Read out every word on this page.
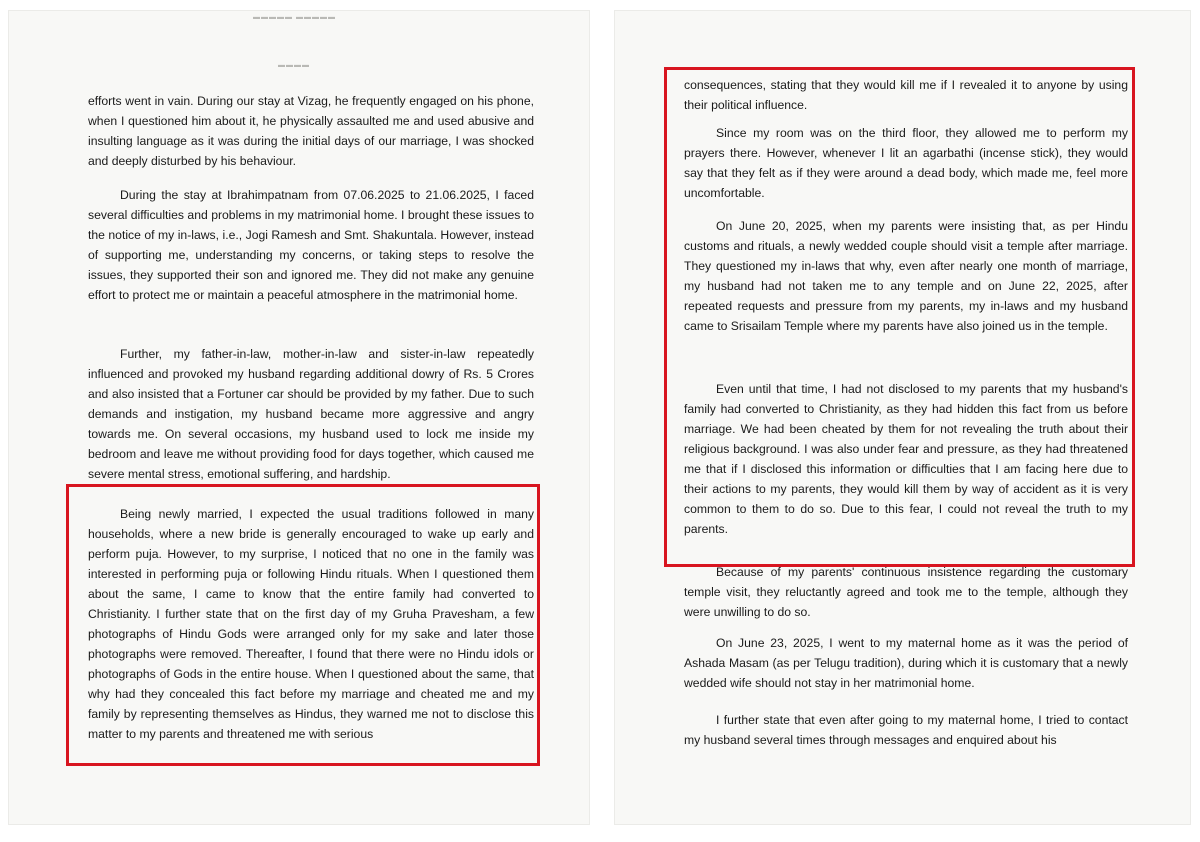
▬▬▬▬▬ ▬▬▬▬▬
▬▬▬▬

efforts went in vain. During our stay at Vizag, he frequently engaged on his phone, when I questioned him about it, he physically assaulted me and used abusive and insulting language as it was during the initial days of our marriage, I was shocked and deeply disturbed by his behaviour.

During the stay at Ibrahimpatnam from 07.06.2025 to 21.06.2025, I faced several difficulties and problems in my matrimonial home. I brought these issues to the notice of my in-laws, i.e., Jogi Ramesh and Smt. Shakuntala. However, instead of supporting me, understanding my concerns, or taking steps to resolve the issues, they supported their son and ignored me. They did not make any genuine effort to protect me or maintain a peaceful atmosphere in the matrimonial home.

Further, my father-in-law, mother-in-law and sister-in-law repeatedly influenced and provoked my husband regarding additional dowry of Rs. 5 Crores and also insisted that a Fortuner car should be provided by my father. Due to such demands and instigation, my husband became more aggressive and angry towards me. On several occasions, my husband used to lock me inside my bedroom and leave me without providing food for days together, which caused me severe mental stress, emotional suffering, and hardship.

Being newly married, I expected the usual traditions followed in many households, where a new bride is generally encouraged to wake up early and perform puja. However, to my surprise, I noticed that no one in the family was interested in performing puja or following Hindu rituals. When I questioned them about the same, I came to know that the entire family had converted to Christianity. I further state that on the first day of my Gruha Pravesham, a few photographs of Hindu Gods were arranged only for my sake and later those photographs were removed. Thereafter, I found that there were no Hindu idols or photographs of Gods in the entire house. When I questioned about the same, that why had they concealed this fact before my marriage and cheated me and my family by representing themselves as Hindus, they warned me not to disclose this matter to my parents and threatened me with serious

consequences, stating that they would kill me if I revealed it to anyone by using their political influence.

Since my room was on the third floor, they allowed me to perform my prayers there. However, whenever I lit an agarbathi (incense stick), they would say that they felt as if they were around a dead body, which made me, feel more uncomfortable.

On June 20, 2025, when my parents were insisting that, as per Hindu customs and rituals, a newly wedded couple should visit a temple after marriage. They questioned my in-laws that why, even after nearly one month of marriage, my husband had not taken me to any temple and on June 22, 2025, after repeated requests and pressure from my parents, my in-laws and my husband came to Srisailam Temple where my parents have also joined us in the temple.

Even until that time, I had not disclosed to my parents that my husband's family had converted to Christianity, as they had hidden this fact from us before marriage. We had been cheated by them for not revealing the truth about their religious background. I was also under fear and pressure, as they had threatened me that if I disclosed this information or difficulties that I am facing here due to their actions to my parents, they would kill them by way of accident as it is very common to them to do so. Due to this fear, I could not reveal the truth to my parents.

Because of my parents' continuous insistence regarding the customary temple visit, they reluctantly agreed and took me to the temple, although they were unwilling to do so.

On June 23, 2025, I went to my maternal home as it was the period of Ashada Masam (as per Telugu tradition), during which it is customary that a newly wedded wife should not stay in her matrimonial home.

I further state that even after going to my maternal home, I tried to contact my husband several times through messages and enquired about his
